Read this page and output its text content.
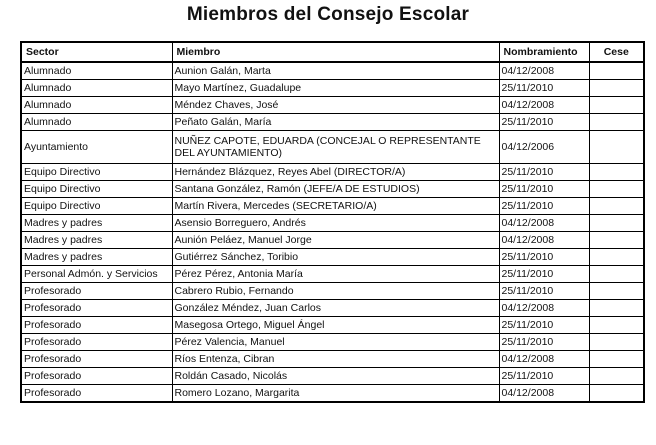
Miembros del Consejo Escolar
Sector	Miembro	Nombramiento	Cese
Alumnado	Aunion Galán, Marta	04/12/2008	
Alumnado	Mayo Martínez, Guadalupe	25/11/2010	
Alumnado	Méndez Chaves, José	04/12/2008	
Alumnado	Peñato Galán, María	25/11/2010	
Ayuntamiento	NUÑEZ CAPOTE, EDUARDA (CONCEJAL O REPRESENTANTE DEL AYUNTAMIENTO)	04/12/2006	
Equipo Directivo	Hernández Blázquez, Reyes Abel (DIRECTOR/A)	25/11/2010	
Equipo Directivo	Santana González, Ramón (JEFE/A DE ESTUDIOS)	25/11/2010	
Equipo Directivo	Martín Rivera, Mercedes (SECRETARIO/A)	25/11/2010	
Madres y padres	Asensio Borreguero, Andrés	04/12/2008	
Madres y padres	Aunión Peláez, Manuel Jorge	04/12/2008	
Madres y padres	Gutiérrez Sánchez, Toribio	25/11/2010	
Personal Admón. y Servicios	Pérez Pérez, Antonia María	25/11/2010	
Profesorado	Cabrero Rubio, Fernando	25/11/2010	
Profesorado	González Méndez, Juan Carlos	04/12/2008	
Profesorado	Masegosa Ortego, Miguel Ángel	25/11/2010	
Profesorado	Pérez Valencia, Manuel	25/11/2010	
Profesorado	Ríos Entenza, Cibran	04/12/2008	
Profesorado	Roldán Casado, Nicolás	25/11/2010	
Profesorado	Romero Lozano, Margarita	04/12/2008	
